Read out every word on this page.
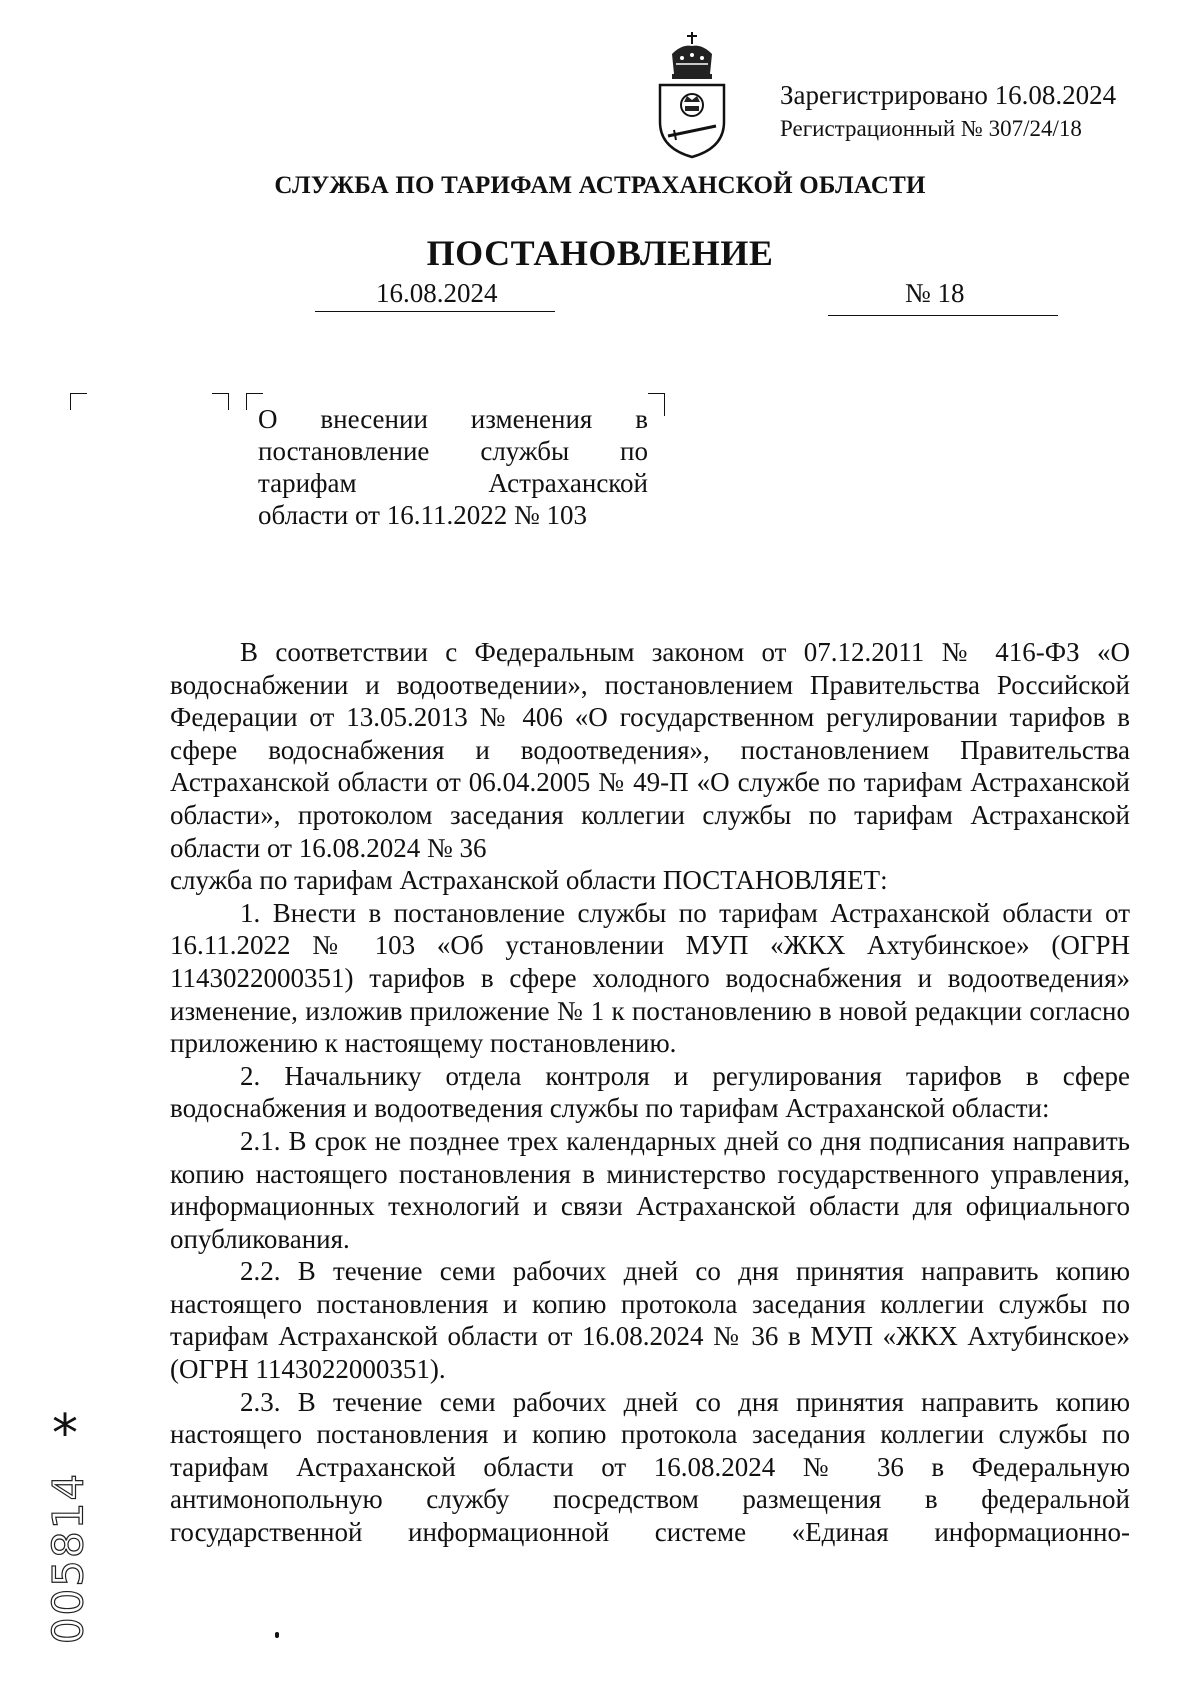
Зарегистрировано 16.08.2024
Регистрационный № 307/24/18
СЛУЖБА ПО ТАРИФАМ АСТРАХАНСКОЙ ОБЛАСТИ
ПОСТАНОВЛЕНИЕ
16.08.2024	№ 18
О внесении изменения в
постановление службы по
тарифам Астраханской
области от 16.11.2022 № 103

В соответствии с Федеральным законом от 07.12.2011 № 416-ФЗ «О водоснабжении и водоотведении», постановлением Правительства Российской Федерации от 13.05.2013 № 406 «О государственном регулировании тарифов в сфере водоснабжения и водоотведения», постановлением Правительства Астраханской области от 06.04.2005 № 49-П «О службе по тарифам Астраханской области», протоколом заседания коллегии службы по тарифам Астраханской области от 16.08.2024 № 36

служба по тарифам Астраханской области ПОСТАНОВЛЯЕТ:

1. Внести в постановление службы по тарифам Астраханской области от 16.11.2022 № 103 «Об установлении МУП «ЖКХ Ахтубинское» (ОГРН 1143022000351) тарифов в сфере холодного водоснабжения и водоотведения» изменение, изложив приложение № 1 к постановлению в новой редакции согласно приложению к настоящему постановлению.

2. Начальнику отдела контроля и регулирования тарифов в сфере водоснабжения и водоотведения службы по тарифам Астраханской области:

2.1. В срок не позднее трех календарных дней со дня подписания направить копию настоящего постановления в министерство государственного управления, информационных технологий и связи Астраханской области для официального опубликования.

2.2. В течение семи рабочих дней со дня принятия направить копию настоящего постановления и копию протокола заседания коллегии службы по тарифам Астраханской области от 16.08.2024 № 36 в МУП «ЖКХ Ахтубинское» (ОГРН 1143022000351).

2.3. В течение семи рабочих дней со дня принятия направить копию настоящего постановления и копию протокола заседания коллегии службы по тарифам Астраханской области от 16.08.2024 № 36 в Федеральную антимонопольную службу посредством размещения в федеральной государственной информационной системе «Единая информационно-

*
005814
